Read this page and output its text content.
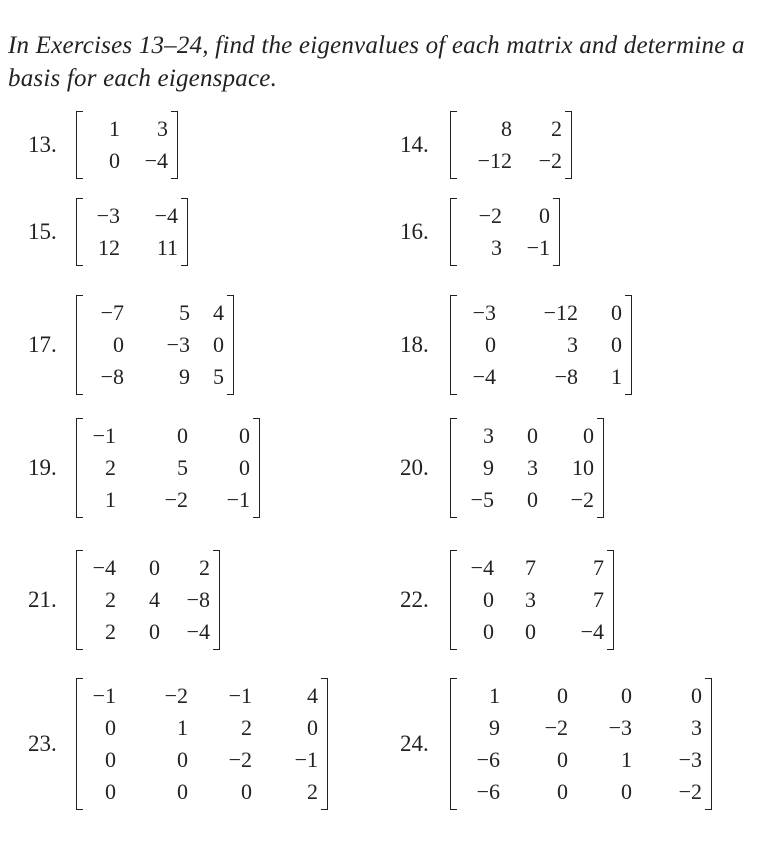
In Exercises 13–24, find the eigenvalues of each matrix and determine a basis for each eigenspace.

13.
1	3
0	−4
14.
8	2
−12	−2
15.
−3	−4
12	11
16.
−2	0
3	−1
17.
−7	5	4
0	−3	0
−8	9	5
18.
−3	−12	0
0	3	0
−4	−8	1
19.
−1	0	0
2	5	0
1	−2	−1
20.
3	0	0
9	3	10
−5	0	−2
21.
−4	0	2
2	4	−8
2	0	−4
22.
−4	7	7
0	3	7
0	0	−4
23.
−1	−2	−1	4
0	1	2	0
0	0	−2	−1
0	0	0	2
24.
1	0	0	0
9	−2	−3	3
−6	0	1	−3
−6	0	0	−2
